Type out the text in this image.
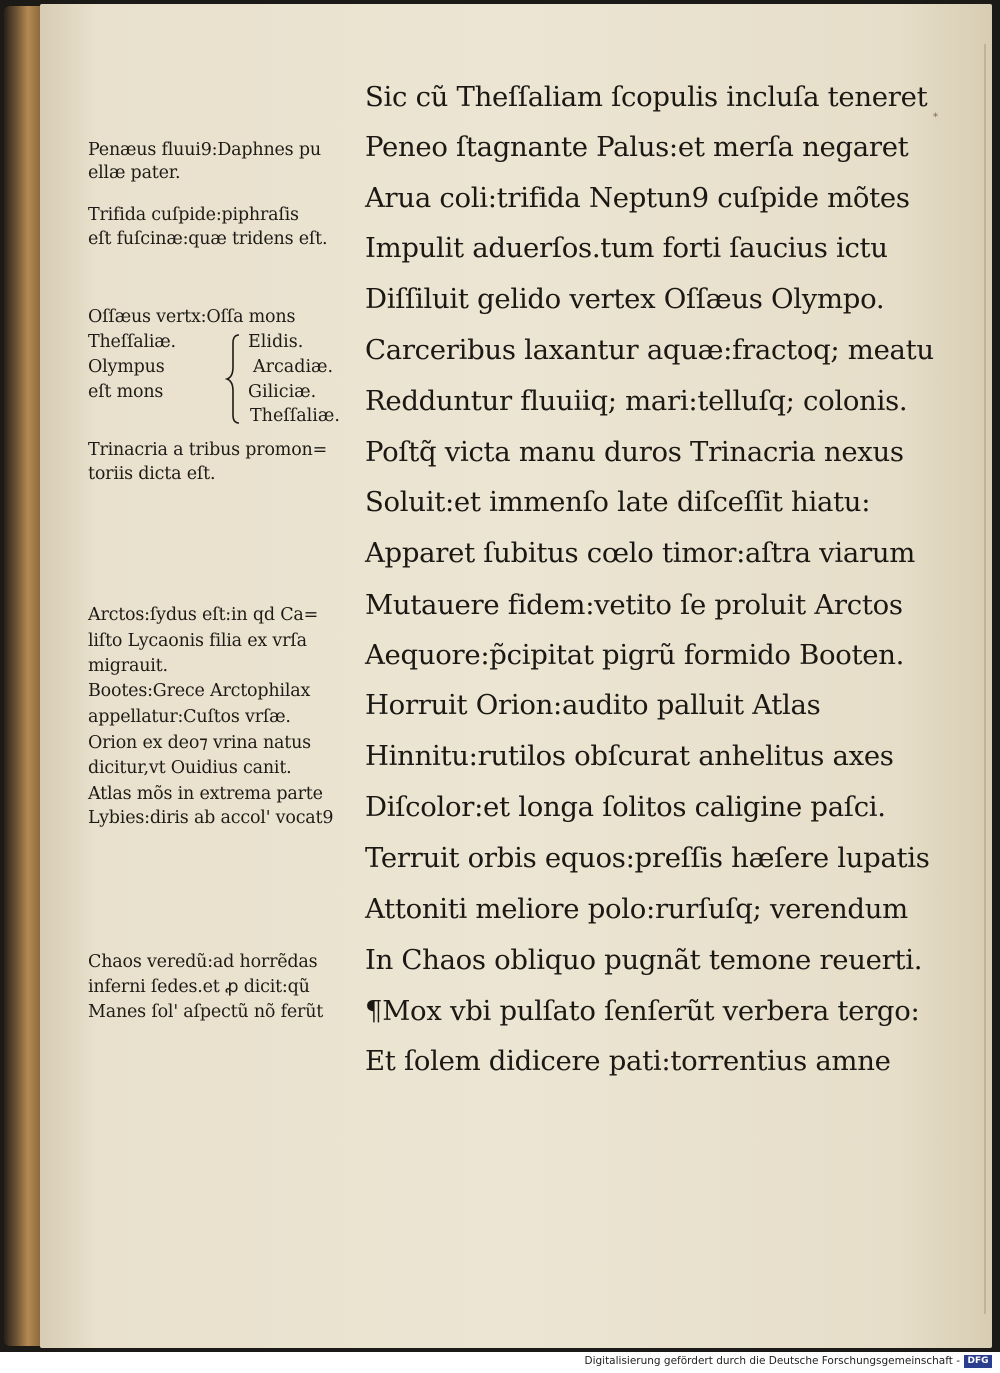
*
Sic cũ Theſſaliam ſcopulis incluſa teneret
Peneo ſtagnante Palus:et merſa negaret
Arua coli:trifida Neptun9 cuſpide mõtes
Impulit aduerſos.tum forti ſaucius ictu
Diſſiluit gelido vertex Oſſæus Olympo.
Carceribus laxantur aquæ:fractoq; meatu
Redduntur fluuiiq; mari:telluſq; colonis.
Poſtq̃ victa manu duros Trinacria nexus
Soluit:et immenſo late diſceſſit hiatu:
Apparet ſubitus cœlo timor:aſtra viarum
Mutauere fidem:vetito ſe proluit Arctos
Aequore:p̃cipitat pigrũ formido Booten.
Horruit Orion:audito palluit Atlas
Hinnitu:rutilos obſcurat anhelitus axes
Diſcolor:et longa ſolitos caligine paſci.
Terruit orbis equos:preſſis hæſere lupatis
Attoniti meliore polo:rurſuſq; verendum
In Chaos obliquo pugnãt temone reuerti.
¶Mox vbi pulſato ſenſerũt verbera tergo:
Et ſolem didicere pati:torrentius amne
Penæus fluui9:Daphnes pu
ellæ pater.
Trifida cuſpide:piphraſis
eſt fuſcinæ:quæ tridens eſt.
Oſſæus vertx:Oſſa mons
Theſſaliæ.
Olympus
eſt mons
Elidis.
Arcadiæ.
Giliciæ.
Theſſaliæ.
Trinacria a tribus promon=
toriis dicta eſt.
Arctos:ſydus eſt:in qd Ca=
liſto Lycaonis filia ex vrſa
migrauit.
Bootes:Grece Arctophilax
appellatur:Cuſtos vrſæ.
Orion ex deo⁊ vrina natus
dicitur,vt Ouidius canit.
Atlas mõs in extrema parte
Lybies:diris ab accol' vocat9
Chaos veredũ:ad horrẽdas
inferni ſedes.et ꝓ dicit:qũ
Manes ſol' aſpectũ nõ ferũt
Digitalisierung gefördert durch die Deutsche Forschungsgemeinschaft - DFG
